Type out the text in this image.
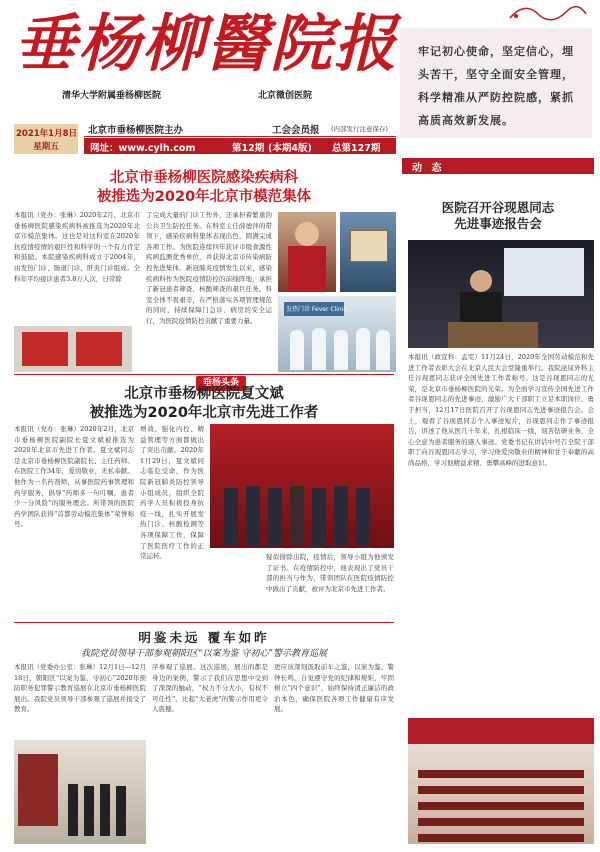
垂杨柳醫院报
清华大学附属垂杨柳医院	北京微创医院
牢记初心使命，坚定信心，埋头苦干，坚守全面安全管理，科学精准从严防控院感，紧抓高质高效新发展。
2021年1月8日
星期五
北京市垂杨柳医院主办	工会会员报 (内部发行注意保存)
网址：www.cylh.com	第12期 (本期4版) 总第127期
北京市垂杨柳医院感染疾病科
被推选为2020年北京市模范集体
本报讯（党办：张琳）2020年2月，北京市垂杨柳医院感染疾病科被推选为2020年北京市模范集体。这也是对这科室在2020年抗疫情疫情的艰巨性和科学的一个有力肯定和鼓励。本院感染疾病科成立于2004年，由发热门诊、肠道门诊、肝炎门诊组成。全科年平均接诊患者3.8万人次，日常除
了完成大量的门诊工作外，还承担着繁重的公共卫生防控任务。在科室主任薛德萍的带领下，感染疾病科集体表现出色，圆满完成各项工作。为医院连续四年获评市级食源性疾病监测优秀单位，并获得北京市传染病防控先进集体。新冠肺炎疫情发生以来，感染疾病科作为医院疫情防控的前线阵地，承担了新冠患者筛查、核酸筛查的艰巨任务。科室全体不畏艰辛，在严格落实各项管理规范的同时，持续保障门急诊、病房的安全运行，为医院疫情防控贡献了重要力量。
发热门诊 Fever Clinic
垂杨头条
北京市垂杨柳医院夏文斌
被推选为2020年北京市先进工作者
本报讯（党办：张琳）2020年2月，北京市垂杨柳医院副院长夏文斌被推选为2020年北京市先进工作者。夏文斌同志是北京市垂杨柳医院副院长、主任药师。在医院工作34年，爱岗敬业，无私奉献。他作为一名药剂师，从事医院药事管理和药学服务，倡导“药师多一句叮嘱，患者少一分风险”的服务理念。所带领的医院药学团队获得“首都劳动模范集体”荣誉称号。
增效、强化内控、精益管理等方面都做出了突出贡献。2020年1月29日，夏文斌同志临危受命，作为医院新冠肺炎防控领导小组成员，组织全院药学人员积极投身抗疫一线，扎实开展发热门诊、核酸检测等各项保障工作，保障了医院医疗工作的正常运转。	疑似排除出院，疫情后，领导小组为他颁发了证书。在疫情防控中，他表现出了党员干部的担当与作为，带领团队在医院疫情防控中做出了贡献，被评为北京市先进工作者。
明鉴未远 覆车如昨
我院党员领导干部参观朝阳区“以案为鉴 守初心”警示教育巡展
本报讯（党委办公室：张琳）12月1日—12月18日，朝阳区“以案为鉴、守初心”2020年预防职务犯罪警示教育巡展在北京市垂杨柳医院展出。我院党员领导干部参观了巡展并接受了教育。
序参观了巡展。这次巡展，展出的都是身边的案例，警示了我们在思想中受到了深深的触动，“权力不分大小，有权不可任性”，比起“大老虎”的警示作用更令人震撼。
更应该深刻汲取前车之鉴，以案为鉴，警钟长鸣，自觉遵守党的纪律和规矩，牢固树立“四个意识”，始终保持清正廉洁的政治本色，确保医院各项工作健康有序发展。
动 态
医院召开谷现恩同志
先进事迹报告会
本报讯（政宣科：孟雯）11月24日，2020年全国劳动模范和先进工作者表彰大会在北京人民大会堂隆重举行。我院泌尿外科主任谷现恩同志获评全国先进工作者称号。这是谷现恩同志的光荣，是北京市垂杨柳医院的光荣。为全面学习宣传全国先进工作者谷现恩同志的先进事迹，激励广大干部职工立足本职岗位、勇于担当，12月17日医院召开了谷现恩同志先进事迹报告会。会上，观看了谷现恩同志个人事迹短片，谷现恩同志作了事迹报告，讲述了他从医几十年来，扎根临床一线，刻苦钻研业务，全心全意为患者服务的感人事迹。党委书记在讲话中号召全院干部职工向谷现恩同志学习，学习他爱岗敬业的精神和甘于奉献的高尚品格，学习他精益求精、勇攀高峰的进取意识。
